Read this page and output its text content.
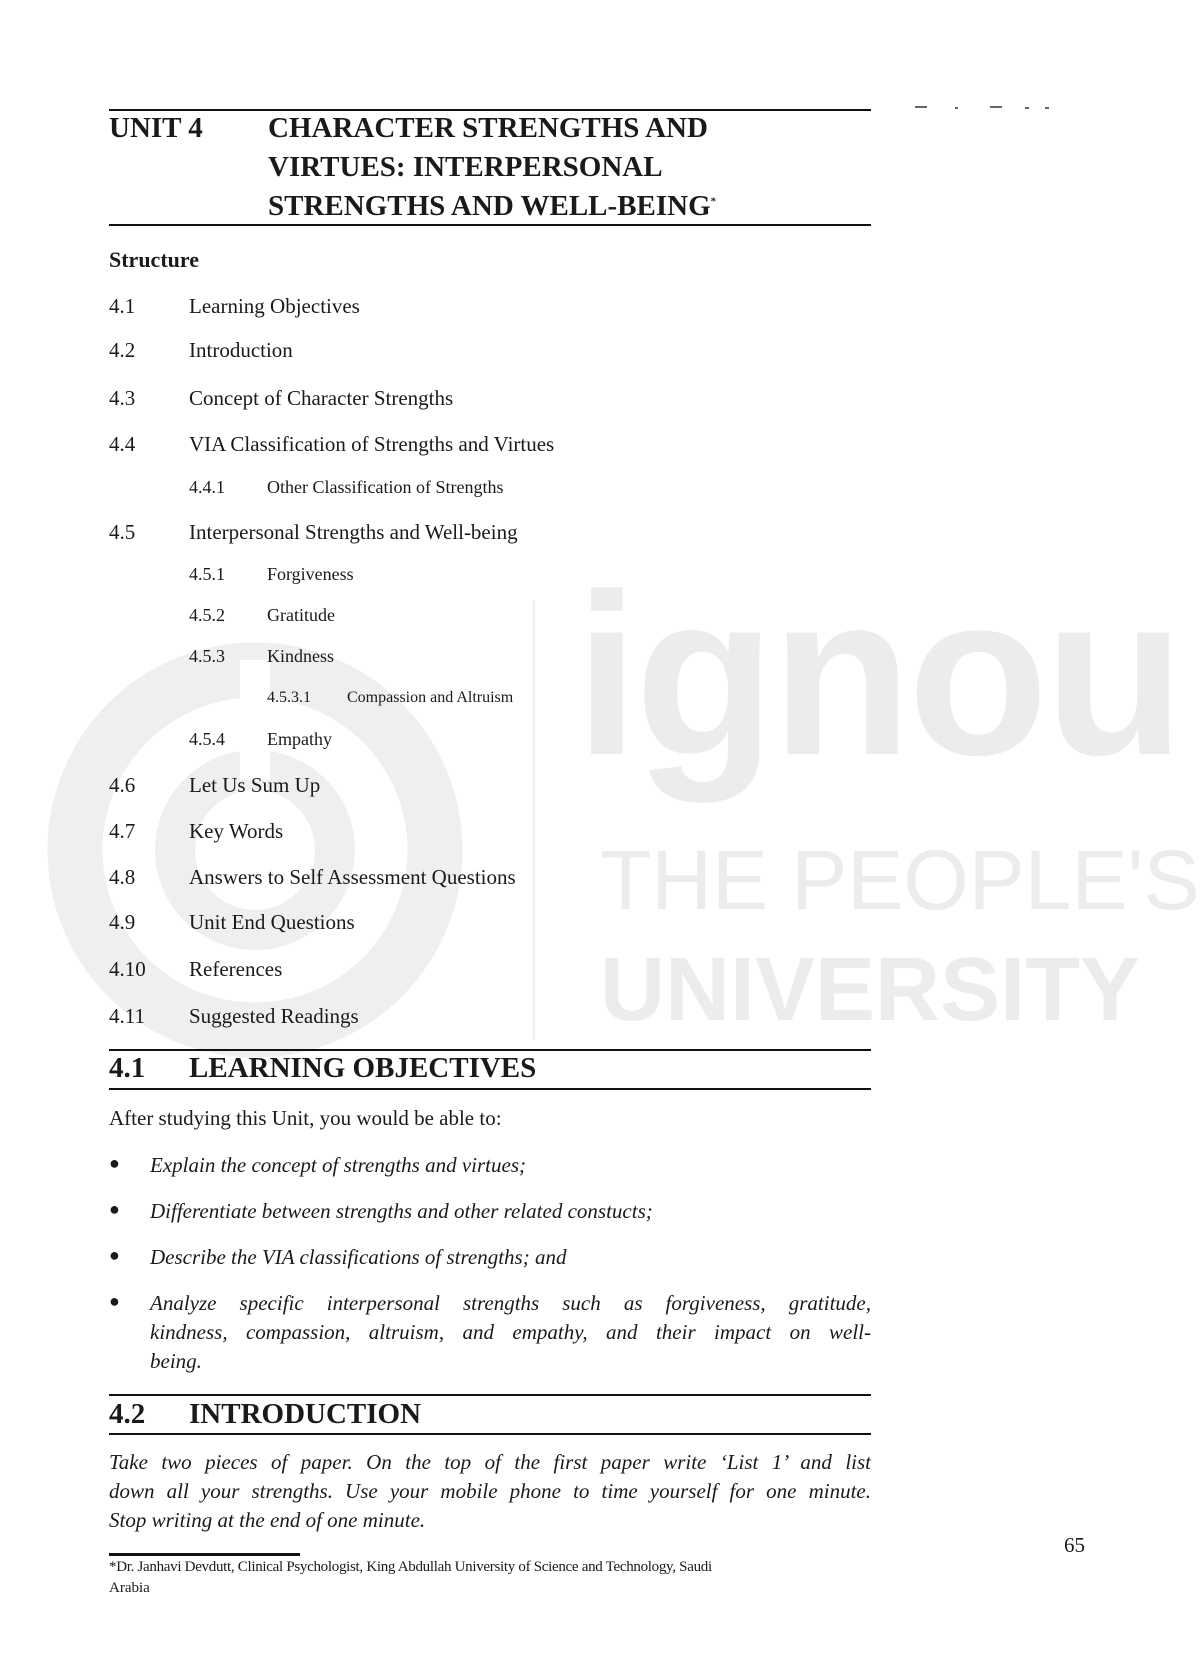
ignou
THE PEOPLE'S
UNIVERSITY
UNIT 4 CHARACTER STRENGTHS AND
VIRTUES: INTERPERSONAL
STRENGTHS AND WELL-BEING*
Structure
4.1	Learning Objectives
4.2	Introduction
4.3	Concept of Character Strengths
4.4	VIA Classification of Strengths and Virtues
4.4.1 Other Classification of Strengths
4.5	Interpersonal Strengths and Well-being
4.5.1 Forgiveness
4.5.2 Gratitude
4.5.3 Kindness
4.5.3.1 Compassion and Altruism
4.5.4 Empathy
4.6	Let Us Sum Up
4.7	Key Words
4.8	Answers to Self Assessment Questions
4.9	Unit End Questions
4.10 References
4.11 Suggested Readings
4.1 LEARNING OBJECTIVES
After studying this Unit, you would be able to:
● Explain the concept of strengths and virtues;
● Differentiate between strengths and other related constucts;
● Describe the VIA classifications of strengths; and
● Analyze specific interpersonal strengths such as forgiveness, gratitude,
kindness, compassion, altruism, and empathy, and their impact on well-
being.
4.2 INTRODUCTION
Take two pieces of paper. On the top of the first paper write ‘List 1’ and list
down all your strengths. Use your mobile phone to time yourself for one minute.
Stop writing at the end of one minute.
*Dr. Janhavi Devdutt, Clinical Psychologist, King Abdullah University of Science and Technology, Saudi
Arabia
65
